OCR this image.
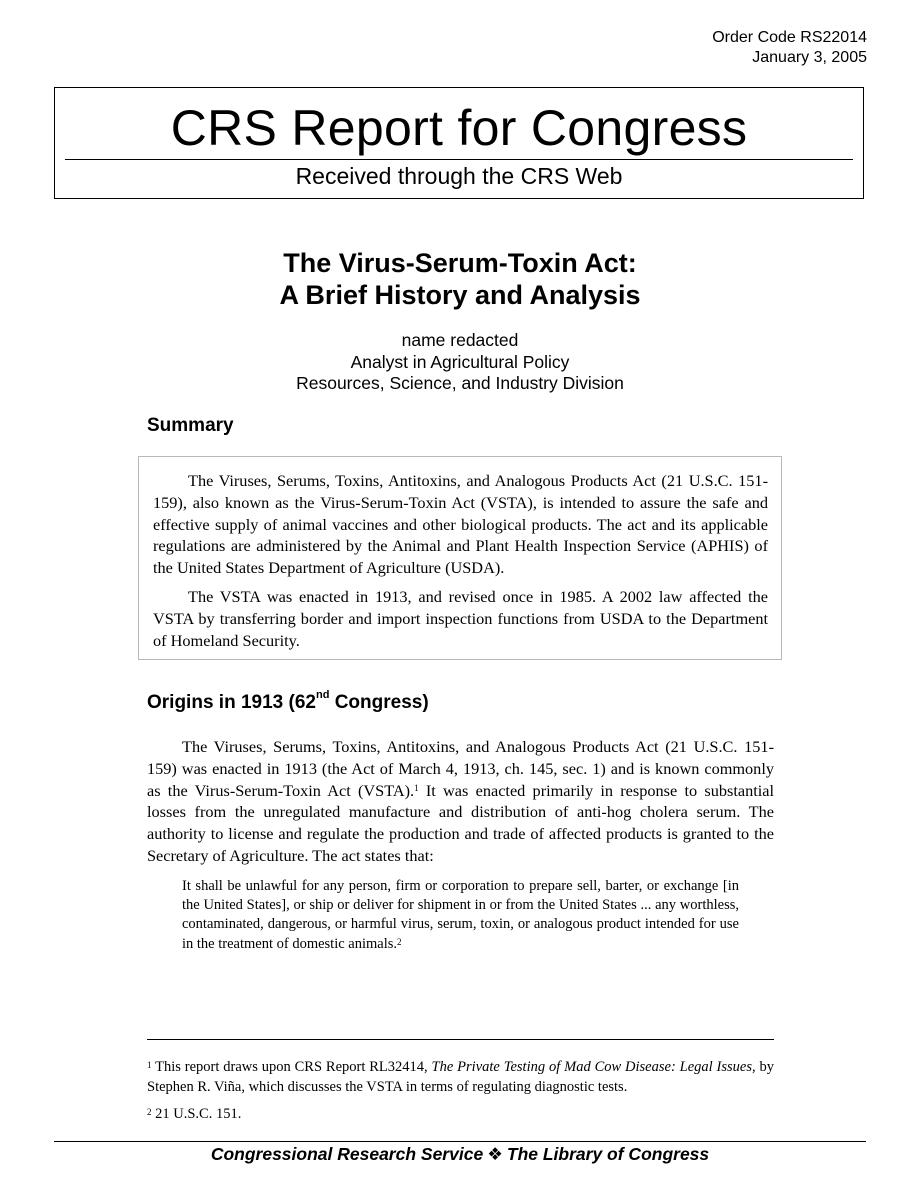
Order Code RS22014
January 3, 2005
CRS Report for Congress
Received through the CRS Web
The Virus-Serum-Toxin Act:
A Brief History and Analysis
name redacted
Analyst in Agricultural Policy
Resources, Science, and Industry Division
Summary

The Viruses, Serums, Toxins, Antitoxins, and Analogous Products Act (21 U.S.C. 151-159), also known as the Virus-Serum-Toxin Act (VSTA), is intended to assure the safe and effective supply of animal vaccines and other biological products. The act and its applicable regulations are administered by the Animal and Plant Health Inspection Service (APHIS) of the United States Department of Agriculture (USDA).

The VSTA was enacted in 1913, and revised once in 1985. A 2002 law affected the VSTA by transferring border and import inspection functions from USDA to the Department of Homeland Security.

Origins in 1913 (62nd Congress)

The Viruses, Serums, Toxins, Antitoxins, and Analogous Products Act (21 U.S.C. 151-159) was enacted in 1913 (the Act of March 4, 1913, ch. 145, sec. 1) and is known commonly as the Virus-Serum-Toxin Act (VSTA).$^1$ It was enacted primarily in response to substantial losses from the unregulated manufacture and distribution of anti-hog cholera serum. The authority to license and regulate the production and trade of affected products is granted to the Secretary of Agriculture. The act states that:

It shall be unlawful for any person, firm or corporation to prepare sell, barter, or exchange [in the United States], or ship or deliver for shipment in or from the United States ... any worthless, contaminated, dangerous, or harmful virus, serum, toxin, or analogous product intended for use in the treatment of domestic animals.$^2$

$^1$ This report draws upon CRS Report RL32414, The Private Testing of Mad Cow Disease: Legal Issues, by Stephen R. Viña, which discusses the VSTA in terms of regulating diagnostic tests.

$^2$ 21 U.S.C. 151.

Congressional Research Service ❖ The Library of Congress
